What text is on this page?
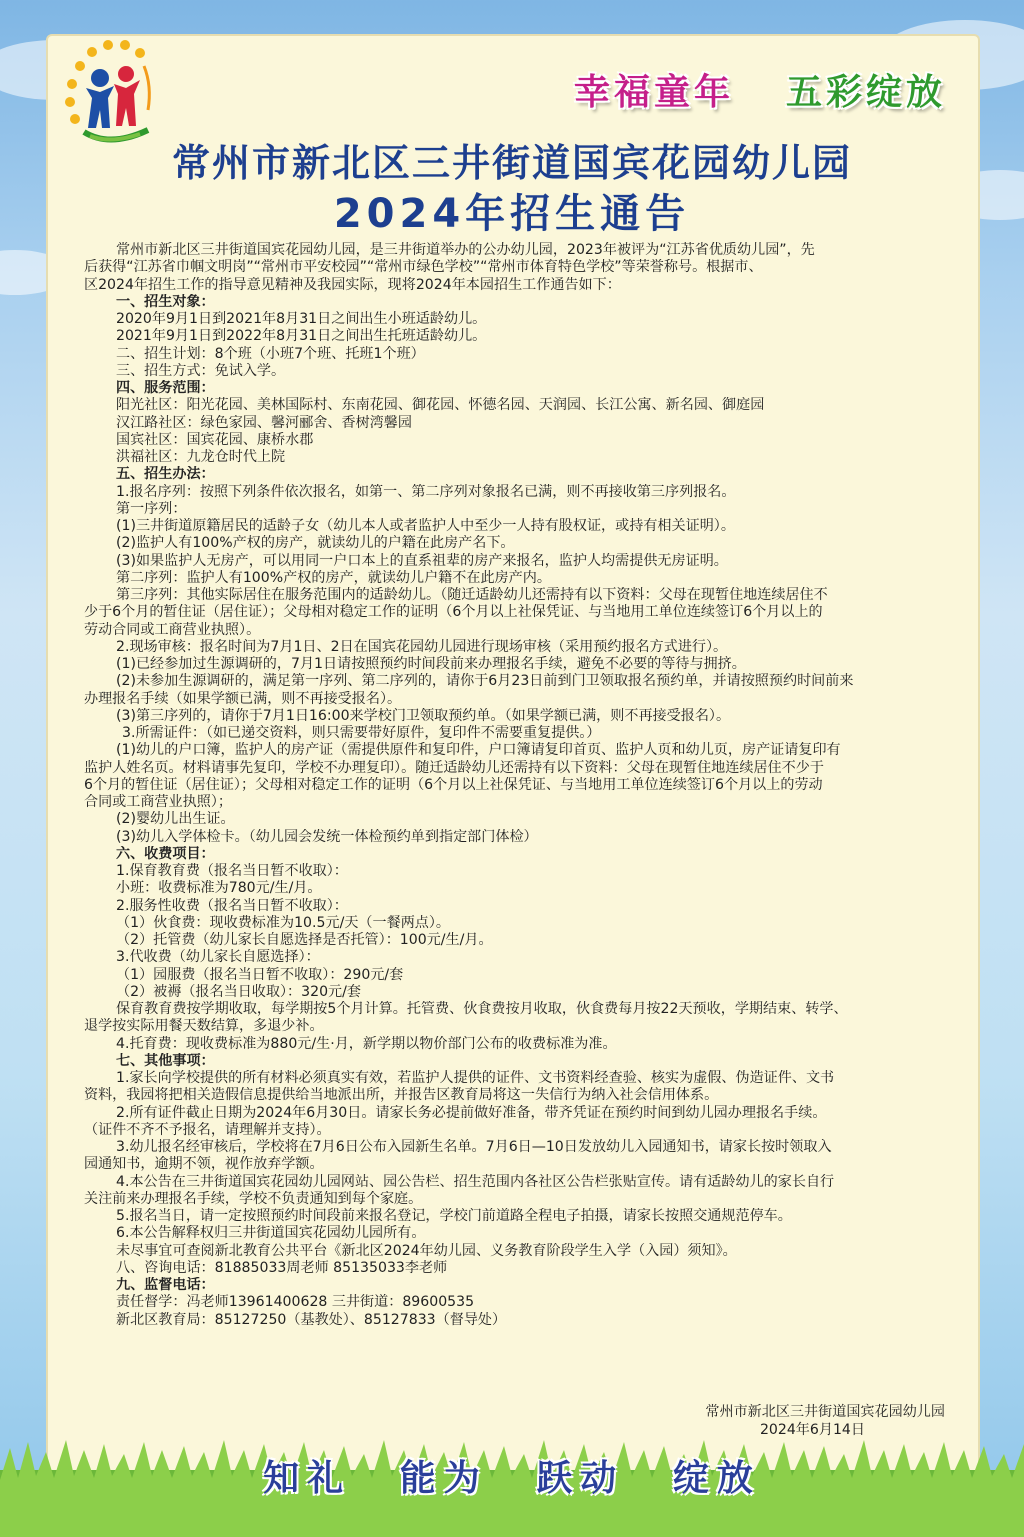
幸福童年 五彩绽放
常州市新北区三井街道国宾花园幼儿园
2024年招生通告
常州市新北区三井街道国宾花园幼儿园，是三井街道举办的公办幼儿园，2023年被评为“江苏省优质幼儿园”，先
后获得“江苏省巾帼文明岗”“常州市平安校园”“常州市绿色学校”“常州市体育特色学校”等荣誉称号。根据市、
区2024年招生工作的指导意见精神及我园实际，现将2024年本园招生工作通告如下：
一、招生对象：
2020年9月1日到2021年8月31日之间出生小班适龄幼儿。
2021年9月1日到2022年8月31日之间出生托班适龄幼儿。
二、招生计划：8个班（小班7个班、托班1个班）
三、招生方式：免试入学。
四、服务范围：
阳光社区：阳光花园、美林国际村、东南花园、御花园、怀德名园、天润园、长江公寓、新名园、御庭园
汉江路社区：绿色家园、馨河郦舍、香树湾馨园
国宾社区：国宾花园、康桥水郡
洪福社区：九龙仓时代上院
五、招生办法：
1.报名序列：按照下列条件依次报名，如第一、第二序列对象报名已满，则不再接收第三序列报名。
第一序列：
(1)三井街道原籍居民的适龄子女（幼儿本人或者监护人中至少一人持有股权证，或持有相关证明）。
(2)监护人有100%产权的房产，就读幼儿的户籍在此房产名下。
(3)如果监护人无房产，可以用同一户口本上的直系祖辈的房产来报名，监护人均需提供无房证明。
第二序列：监护人有100%产权的房产，就读幼儿户籍不在此房产内。
第三序列：其他实际居住在服务范围内的适龄幼儿。（随迁适龄幼儿还需持有以下资料：父母在现暂住地连续居住不
少于6个月的暂住证（居住证）；父母相对稳定工作的证明（6个月以上社保凭证、与当地用工单位连续签订6个月以上的
劳动合同或工商营业执照）。
2.现场审核：报名时间为7月1日、2日在国宾花园幼儿园进行现场审核（采用预约报名方式进行）。
(1)已经参加过生源调研的，7月1日请按照预约时间段前来办理报名手续，避免不必要的等待与拥挤。
(2)未参加生源调研的，满足第一序列、第二序列的，请你于6月23日前到门卫领取报名预约单，并请按照预约时间前来
办理报名手续（如果学额已满，则不再接受报名）。
(3)第三序列的，请你于7月1日16:00来学校门卫领取预约单。（如果学额已满，则不再接受报名）。
3.所需证件：（如已递交资料，则只需要带好原件，复印件不需要重复提供。）
(1)幼儿的户口簿，监护人的房产证（需提供原件和复印件，户口簿请复印首页、监护人页和幼儿页，房产证请复印有
监护人姓名页。材料请事先复印，学校不办理复印）。随迁适龄幼儿还需持有以下资料：父母在现暂住地连续居住不少于
6个月的暂住证（居住证）；父母相对稳定工作的证明（6个月以上社保凭证、与当地用工单位连续签订6个月以上的劳动
合同或工商营业执照）；
(2)婴幼儿出生证。
(3)幼儿入学体检卡。（幼儿园会发统一体检预约单到指定部门体检）
六、收费项目：
1.保育教育费（报名当日暂不收取）：
小班：收费标准为780元/生/月。
2.服务性收费（报名当日暂不收取）：
（1）伙食费：现收费标准为10.5元/天（一餐两点）。
（2）托管费（幼儿家长自愿选择是否托管）：100元/生/月。
3.代收费（幼儿家长自愿选择）：
（1）园服费（报名当日暂不收取）：290元/套
（2）被褥（报名当日收取）：320元/套
保育教育费按学期收取，每学期按5个月计算。托管费、伙食费按月收取，伙食费每月按22天预收，学期结束、转学、
退学按实际用餐天数结算，多退少补。
4.托育费：现收费标准为880元/生·月，新学期以物价部门公布的收费标准为准。
七、其他事项：
1.家长向学校提供的所有材料必须真实有效，若监护人提供的证件、文书资料经查验、核实为虚假、伪造证件、文书
资料，我园将把相关造假信息提供给当地派出所，并报告区教育局将这一失信行为纳入社会信用体系。
2.所有证件截止日期为2024年6月30日。请家长务必提前做好准备，带齐凭证在预约时间到幼儿园办理报名手续。
（证件不齐不予报名，请理解并支持）。
3.幼儿报名经审核后，学校将在7月6日公布入园新生名单。7月6日—10日发放幼儿入园通知书，请家长按时领取入
园通知书，逾期不领，视作放弃学额。
4.本公告在三井街道国宾花园幼儿园网站、园公告栏、招生范围内各社区公告栏张贴宣传。请有适龄幼儿的家长自行
关注前来办理报名手续，学校不负责通知到每个家庭。
5.报名当日，请一定按照预约时间段前来报名登记，学校门前道路全程电子拍摄，请家长按照交通规范停车。
6.本公告解释权归三井街道国宾花园幼儿园所有。
未尽事宜可查阅新北教育公共平台《新北区2024年幼儿园、义务教育阶段学生入学（入园）须知》。
八、咨询电话：81885033周老师 85135033李老师
九、监督电话：
责任督学：冯老师13961400628 三井街道：89600535
新北区教育局：85127250（基教处）、85127833（督导处）
常州市新北区三井街道国宾花园幼儿园
2024年6月14日
知礼 能为 跃动 绽放
